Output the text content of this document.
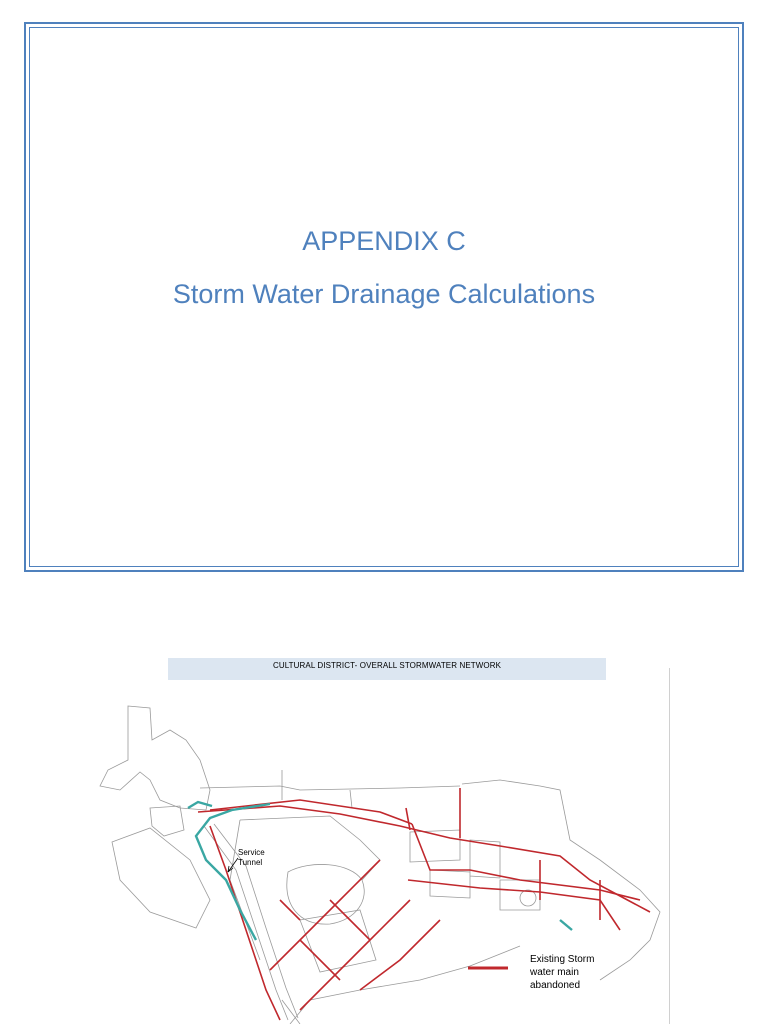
APPENDIX C
Storm Water Drainage Calculations
CULTURAL DISTRICT- OVERALL STORMWATER NETWORK
Service
Tunnel
Existing Storm
water main
abandoned
